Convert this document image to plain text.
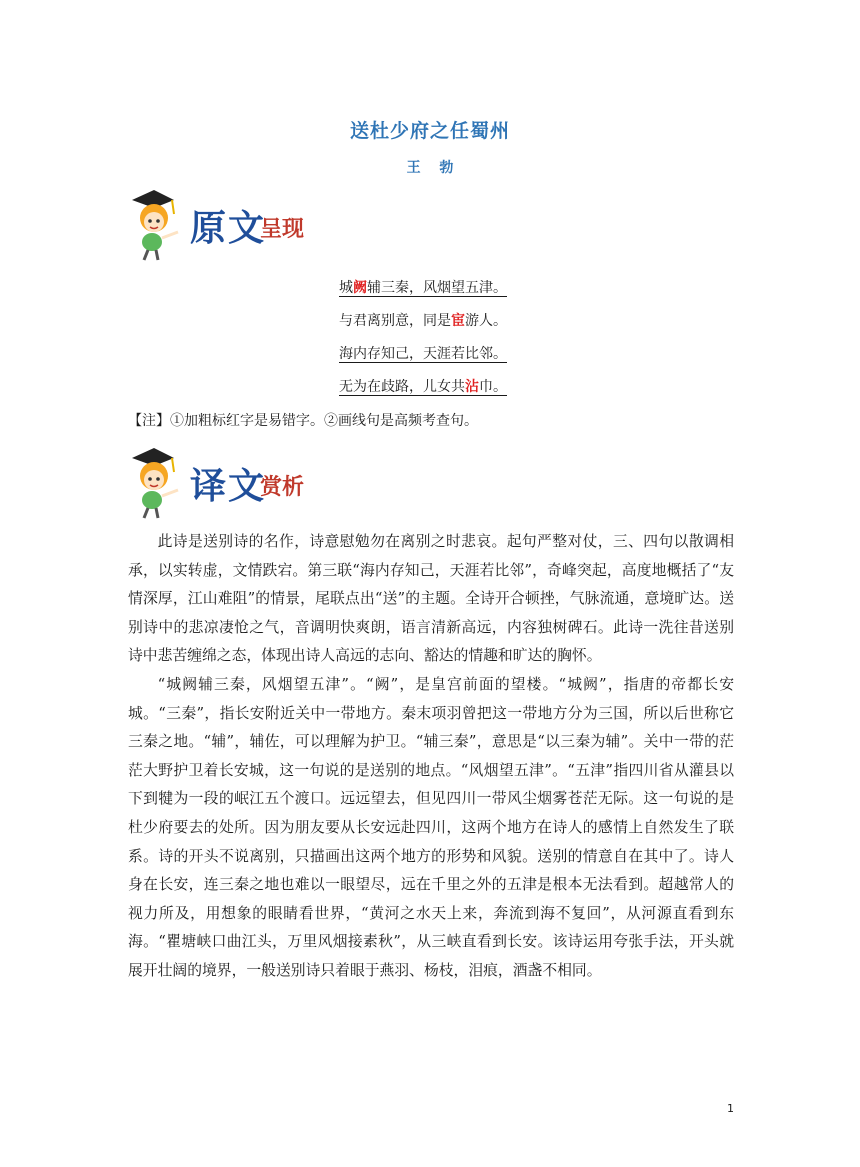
送杜少府之任蜀州
王 勃
原文
呈现
城阙辅三秦，风烟望五津。
与君离别意，同是宦游人。
海内存知己，天涯若比邻。
无为在歧路，儿女共沾巾。
【注】①加粗标红字是易错字。②画线句是高频考查句。
译文
赏析

此诗是送别诗的名作，诗意慰勉勿在离别之时悲哀。起句严整对仗，三、四句以散调相承，以实转虚，文情跌宕。第三联“海内存知己，天涯若比邻”，奇峰突起，高度地概括了“友情深厚，江山难阻”的情景，尾联点出“送”的主题。全诗开合顿挫，气脉流通，意境旷达。送别诗中的悲凉凄怆之气，音调明快爽朗，语言清新高远，内容独树碑石。此诗一洗往昔送别诗中悲苦缠绵之态，体现出诗人高远的志向、豁达的情趣和旷达的胸怀。

“城阙辅三秦，风烟望五津”。“阙”，是皇宫前面的望楼。“城阙”，指唐的帝都长安城。“三秦”，指长安附近关中一带地方。秦末项羽曾把这一带地方分为三国，所以后世称它三秦之地。“辅”，辅佐，可以理解为护卫。“辅三秦”，意思是“以三秦为辅”。关中一带的茫茫大野护卫着长安城，这一句说的是送别的地点。“风烟望五津”。“五津”指四川省从灌县以下到犍为一段的岷江五个渡口。远远望去，但见四川一带风尘烟雾苍茫无际。这一句说的是杜少府要去的处所。因为朋友要从长安远赴四川，这两个地方在诗人的感情上自然发生了联系。诗的开头不说离别，只描画出这两个地方的形势和风貌。送别的情意自在其中了。诗人身在长安，连三秦之地也难以一眼望尽，远在千里之外的五津是根本无法看到。超越常人的视力所及，用想象的眼睛看世界，“黄河之水天上来，奔流到海不复回”，从河源直看到东海。“瞿塘峡口曲江头，万里风烟接素秋”，从三峡直看到长安。该诗运用夸张手法，开头就展开壮阔的境界，一般送别诗只着眼于燕羽、杨枝，泪痕，酒盏不相同。

1
